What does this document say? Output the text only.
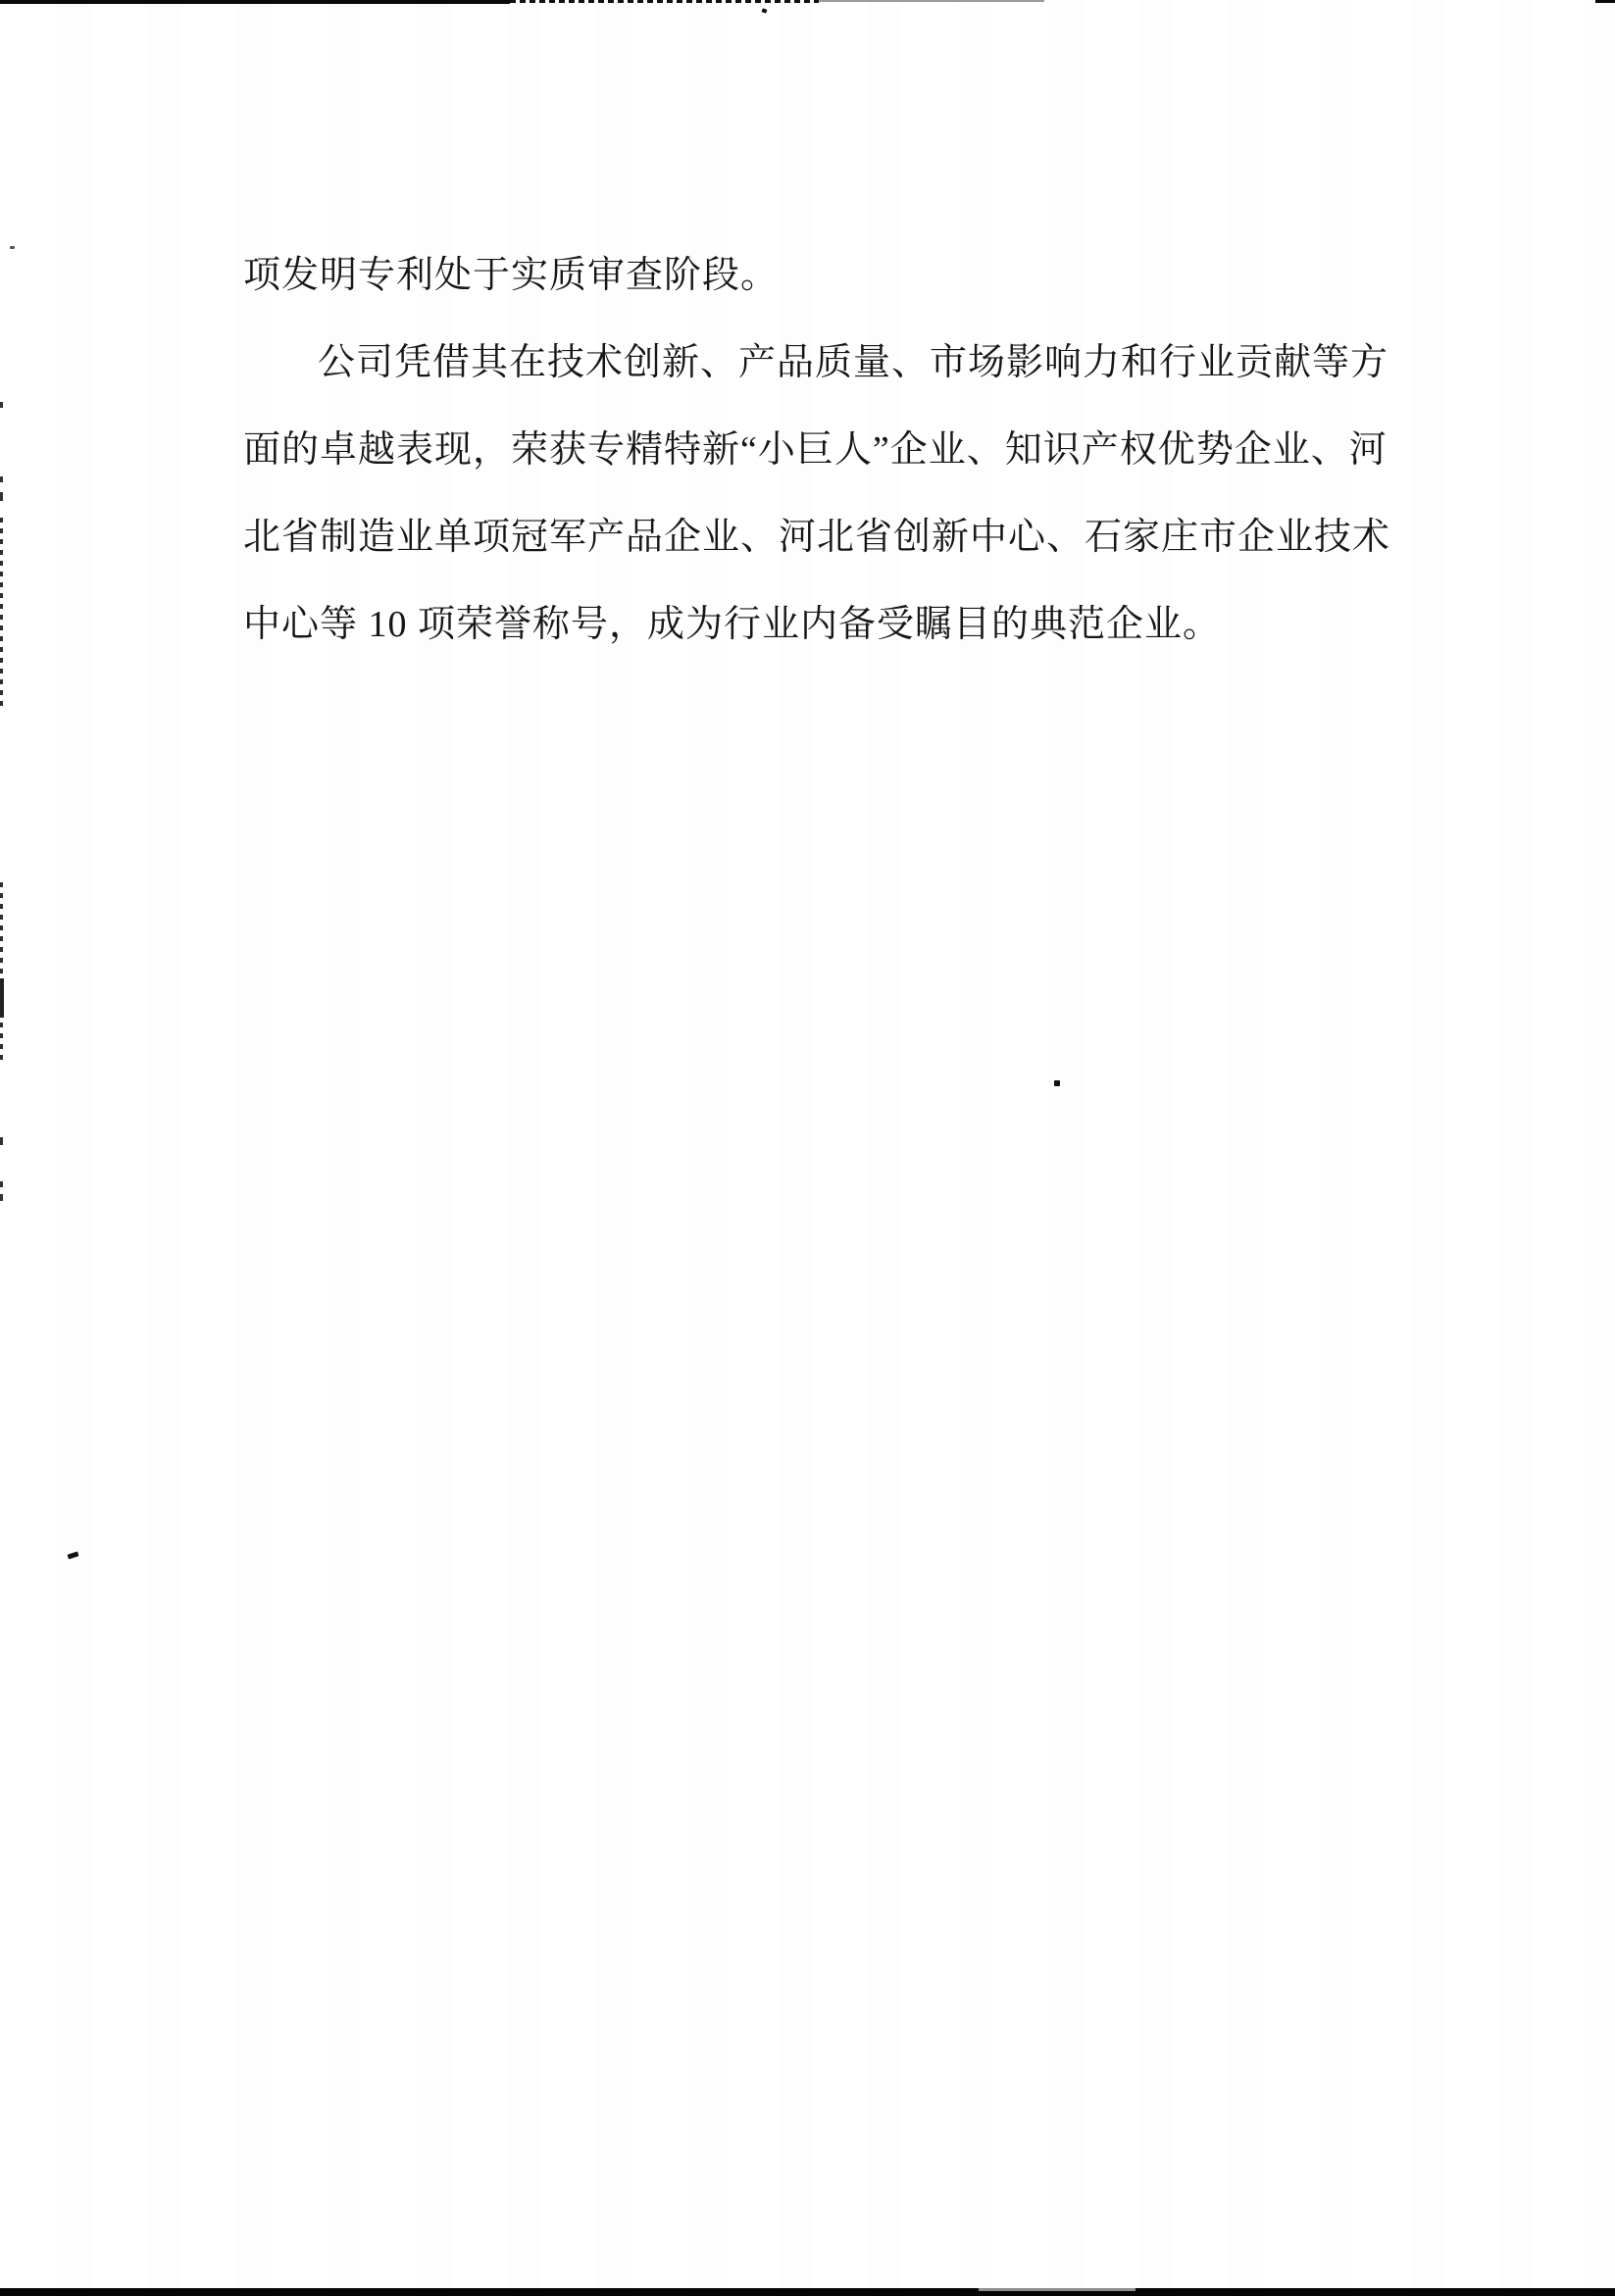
项发明专利处于实质审查阶段。

公司凭借其在技术创新、产品质量、市场影响力和行业贡献等方

面的卓越表现，荣获专精特新“小巨人”企业、知识产权优势企业、河

北省制造业单项冠军产品企业、河北省创新中心、石家庄市企业技术

中心等 10 项荣誉称号，成为行业内备受瞩目的典范企业。
